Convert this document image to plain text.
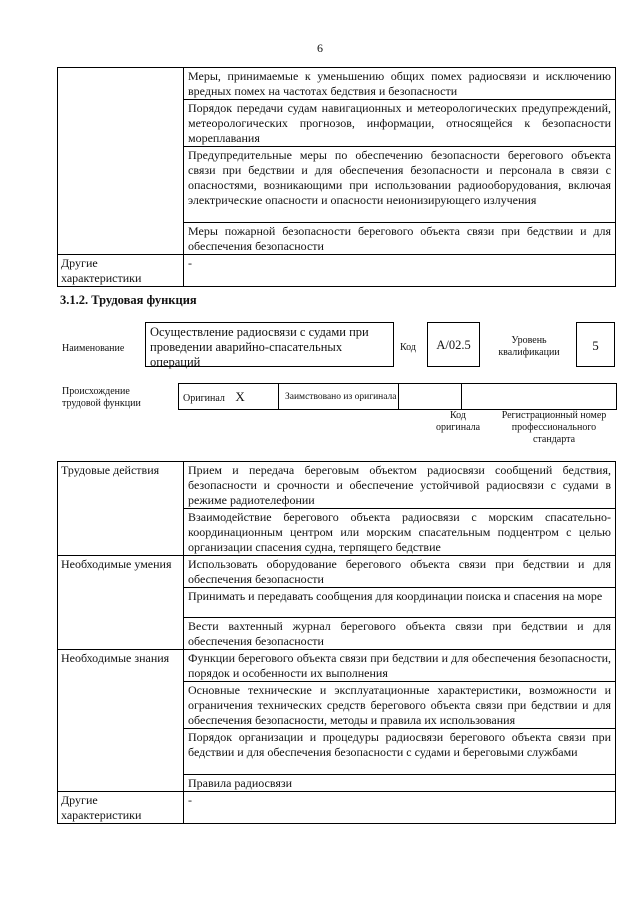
6
	Меры, принимаемые к уменьшению общих помех радиосвязи и исключению вредных помех на частотах бедствия и безопасности
	Порядок передачи судам навигационных и метеорологических предупреждений, метеорологических прогнозов, информации, относящейся к безопасности мореплавания
	Предупредительные меры по обеспечению безопасности берегового объекта связи при бедствии и для обеспечения безопасности и персонала в связи с опасностями, возникающими при использовании радиооборудования, включая электрические опасности и опасности неионизирующего излучения
	Меры пожарной безопасности берегового объекта связи при бедствии и для обеспечения безопасности
Другие характеристики	-
3.1.2. Трудовая функция
Наименование
Осуществление радиосвязи с судами при проведении аварийно-спасательных операций
Код	А/02.5	Уровень квалификации	5
Происхождение трудовой функции	Оригинал X	Заимствовано из оригинала		
Код оригинала
Регистрационный номер профессионального стандарта
Трудовые действия	Прием и передача береговым объектом радиосвязи сообщений бедствия, безопасности и срочности и обеспечение устойчивой радиосвязи с судами в режиме радиотелефонии
	Взаимодействие берегового объекта радиосвязи с морским спасательно-координационным центром или морским спасательным подцентром с целью организации спасения судна, терпящего бедствие
Необходимые умения	Использовать оборудование берегового объекта связи при бедствии и для обеспечения безопасности
	Принимать и передавать сообщения для координации поиска и спасения на море
	Вести вахтенный журнал берегового объекта связи при бедствии и для обеспечения безопасности
Необходимые знания	Функции берегового объекта связи при бедствии и для обеспечения безопасности, порядок и особенности их выполнения
	Основные технические и эксплуатационные характеристики, возможности и ограничения технических средств берегового объекта связи при бедствии и для обеспечения безопасности, методы и правила их использования
	Порядок организации и процедуры радиосвязи берегового объекта связи при бедствии и для обеспечения безопасности с судами и береговыми службами
	Правила радиосвязи
Другие характеристики	-
